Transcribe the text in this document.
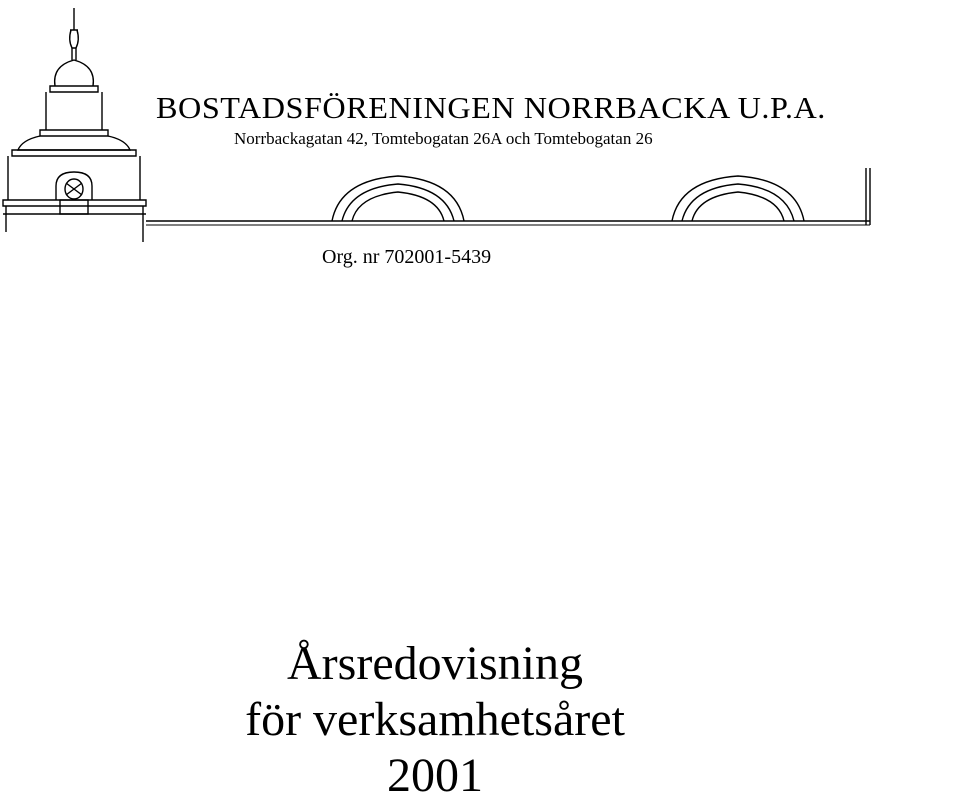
BOSTADSFÖRENINGEN NORRBACKA U.P.A.
Norrbackagatan 42, Tomtebogatan 26A och Tomtebogatan 26
Org. nr 702001-5439
Årsredovisning
för verksamhetsåret
2001
